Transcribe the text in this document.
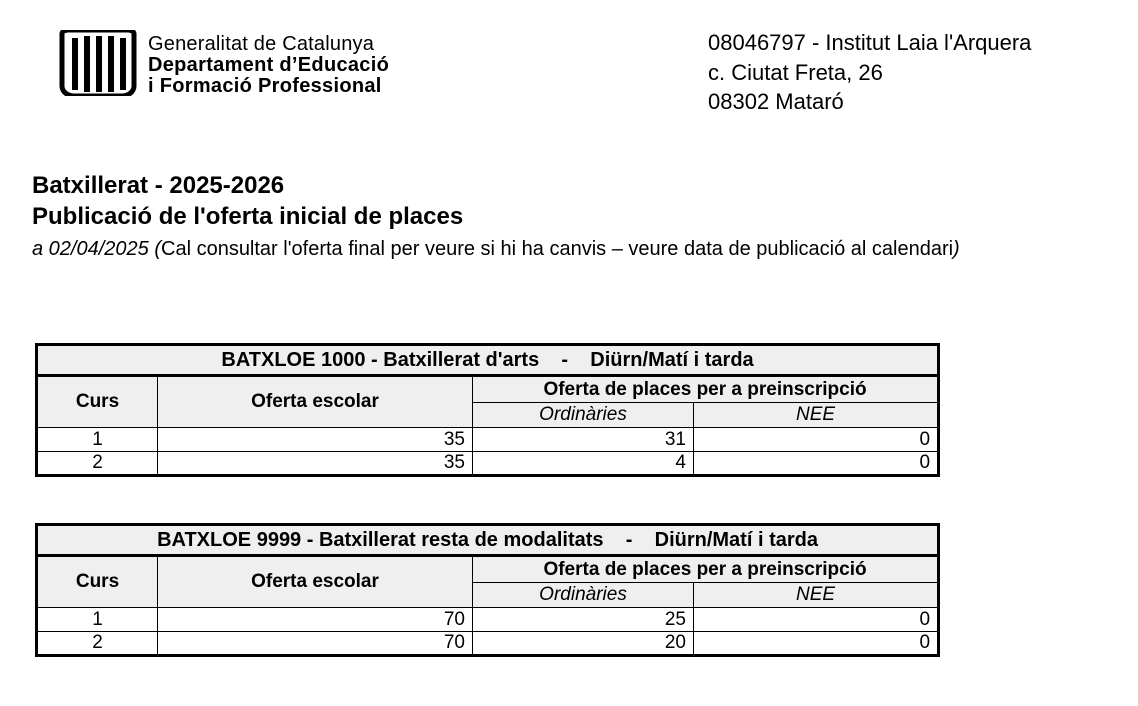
Generalitat de Catalunya
Departament d’Educació
i Formació Professional
08046797 - Institut Laia l'Arquera
c. Ciutat Freta, 26
08302 Mataró
Batxillerat - 2025-2026
Publicació de l'oferta inicial de places
a 02/04/2025 (Cal consultar l'oferta final per veure si hi ha canvis – veure data de publicació al calendari)
BATXLOE 1000 - Batxillerat d'arts    -    Diürn/Matí i tarda			
Curs	Oferta escolar	Oferta de places per a preinscripció	
		Ordinàries	NEE
1	35	31	0
2	35	4	0
BATXLOE 9999 - Batxillerat resta de modalitats    -    Diürn/Matí i tarda			
Curs	Oferta escolar	Oferta de places per a preinscripció	
		Ordinàries	NEE
1	70	25	0
2	70	20	0
